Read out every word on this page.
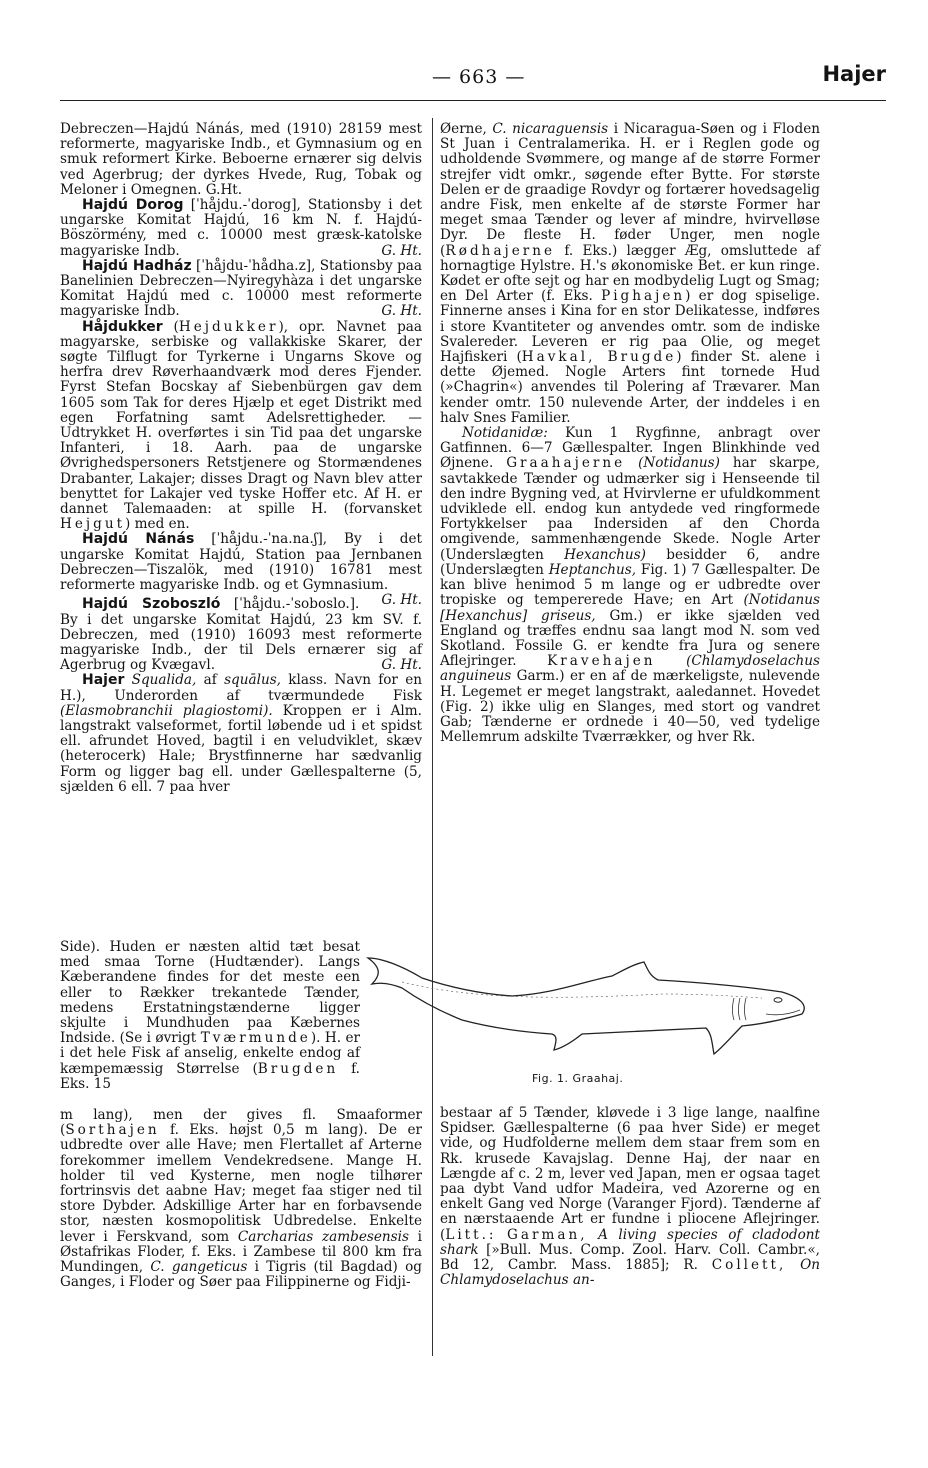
— 663 —	Hajer

Debreczen—Hajdú Nánás, med (1910) 28159 mest reformerte, magyariske Indb., et Gymnasium og en smuk reformert Kirke. Beboerne ernærer sig delvis ved Agerbrug; der dyrkes Hvede, Rug, Tobak og Meloner i Omegnen. G.Ht.

Hajdú Dorog [ˈhåjdu.-ˈdorog], Stationsby i det ungarske Komitat Hajdú, 16 km N. f. Hajdú-Böszörmény, med c. 10000 mest græsk-katolske magyariske Indb.	G. Ht.

Hajdú Hadház [ˈhåjdu-ˈhådha.z], Stationsby paa Banelinien Debreczen—Nyiregyhàza i det ungarske Komitat Hajdú med c. 10000 mest reformerte magyariske Indb.	G. Ht.

Håjdukker (Hejdukker), opr. Navnet paa magyarske, serbiske og vallakkiske Skarer, der søgte Tilflugt for Tyrkerne i Ungarns Skove og herfra drev Røverhaandværk mod deres Fjender. Fyrst Stefan Bocskay af Siebenbürgen gav dem 1605 som Tak for deres Hjælp et eget Distrikt med egen Forfatning samt Adelsrettigheder. — Udtrykket H. overførtes i sin Tid paa det ungarske Infanteri, i 18. Aarh. paa de ungarske Øvrighedspersoners Retstjenere og Stormændenes Drabanter, Lakajer; disses Dragt og Navn blev atter benyttet for Lakajer ved tyske Hoffer etc. Af H. er dannet Talemaaden: at spille H. (forvansket Hejgut) med en.

Hajdú Nánás [ˈhåjdu.-ˈna.na.ʃ], By i det ungarske Komitat Hajdú, Station paa Jernbanen Debreczen—Tiszalök, med (1910) 16781 mest reformerte magyariske Indb. og et Gymnasium.
G. Ht.

Hajdú Szoboszló [ˈhåjdu.-ˈsoboslo.]. By i det ungarske Komitat Hajdú, 23 km SV. f. Debreczen, med (1910) 16093 mest reformerte magyariske Indb., der til Dels ernærer sig af Agerbrug og Kvægavl.	G. Ht.

Hajer Squalida, af squālus, klass. Navn for en H.), Underorden af tværmundede Fisk (Elasmobranchii plagiostomi). Kroppen er i Alm. langstrakt valseformet, fortil løbende ud i et spidst ell. afrundet Hoved, bagtil i en veludviklet, skæv (heterocerk) Hale; Brystfinnerne har sædvanlig Form og ligger bag ell. under Gællespalterne (5, sjælden 6 ell. 7 paa hver

Side). Huden er næsten altid tæt besat med smaa Torne (Hudtænder). Langs Kæberandene findes for det meste een eller to Rækker trekantede Tænder, medens Erstatningstænderne ligger skjulte i Mundhuden paa Kæbernes Indside. (Se i øvrigt Tværmunde). H. er i det hele Fisk af anselig, enkelte endog af kæmpemæssig Størrelse (Brugden f. Eks. 15

m lang), men der gives fl. Smaaformer (Sorthajen f. Eks. højst 0,5 m lang). De er udbredte over alle Have; men Flertallet af Arterne forekommer imellem Vendekredsene. Mange H. holder til ved Kysterne, men nogle tilhører fortrinsvis det aabne Hav; meget faa stiger ned til store Dybder. Adskillige Arter har en forbavsende stor, næsten kosmopolitisk Udbredelse. Enkelte lever i Ferskvand, som Carcharias zambesensis i Østafrikas Floder, f. Eks. i Zambese til 800 km fra Mundingen, C. gangeticus i Tigris (til Bagdad) og Ganges, i Floder og Søer paa Filippinerne og Fidji-

Øerne, C. nicaraguensis i Nicaragua-Søen og i Floden St Juan i Centralamerika. H. er i Reglen gode og udholdende Svømmere, og mange af de større Former strejfer vidt omkr., søgende efter Bytte. For største Delen er de graadige Rovdyr og fortærer hovedsagelig andre Fisk, men enkelte af de største Former har meget smaa Tænder og lever af mindre, hvirvelløse Dyr. De fleste H. føder Unger, men nogle (Rødhajerne f. Eks.) lægger Æg, omsluttede af hornagtige Hylstre. H.'s økonomiske Bet. er kun ringe. Kødet er ofte sejt og har en modbydelig Lugt og Smag; en Del Arter (f. Eks. Pighajen) er dog spiselige. Finnerne anses i Kina for en stor Delikatesse, indføres i store Kvantiteter og anvendes omtr. som de indiske Svalereder. Leveren er rig paa Olie, og meget Hajfiskeri (Havkal, Brugde) finder St. alene i dette Øjemed. Nogle Arters fint tornede Hud (»Chagrin«) anvendes til Polering af Trævarer. Man kender omtr. 150 nulevende Arter, der inddeles i en halv Snes Familier.

Notidanidæ: Kun 1 Rygfinne, anbragt over Gatfinnen. 6—7 Gællespalter. Ingen Blinkhinde ved Øjnene. Graahajerne (Notidanus) har skarpe, savtakkede Tænder og udmærker sig i Henseende til den indre Bygning ved, at Hvirvlerne er ufuldkomment udviklede ell. endog kun antydede ved ringformede Fortykkelser paa Indersiden af den Chorda omgivende, sammenhængende Skede. Nogle Arter (Underslægten Hexanchus) besidder 6, andre (Underslægten Heptanchus, Fig. 1) 7 Gællespalter. De kan blive henimod 5 m lange og er udbredte over tropiske og tempererede Have; en Art (Notidanus [Hexanchus] griseus, Gm.) er ikke sjælden ved England og træffes endnu saa langt mod N. som ved Skotland. Fossile G. er kendte fra Jura og senere Aflejringer. Kravehajen (Chlamydoselachus anguineus Garm.) er en af de mærkeligste, nulevende H. Legemet er meget langstrakt, aaledannet. Hovedet (Fig. 2) ikke ulig en Slanges, med stort og vandret Gab; Tænderne er ordnede i 40—50, ved tydelige Mellemrum adskilte Tværrækker, og hver Rk.

Fig. 1. Graahaj.

bestaar af 5 Tænder, kløvede i 3 lige lange, naalfine Spidser. Gællespalterne (6 paa hver Side) er meget vide, og Hudfolderne mellem dem staar frem som en Rk. krusede Kavajslag. Denne Haj, der naar en Længde af c. 2 m, lever ved Japan, men er ogsaa taget paa dybt Vand udfor Madeira, ved Azorerne og en enkelt Gang ved Norge (Varanger Fjord). Tænderne af en nærstaaende Art er fundne i pliocene Aflejringer. (Litt.: Garman, A living species of cladodont shark [»Bull. Mus. Comp. Zool. Harv. Coll. Cambr.«, Bd 12, Cambr. Mass. 1885]; R. Collett, On Chlamydoselachus an-
